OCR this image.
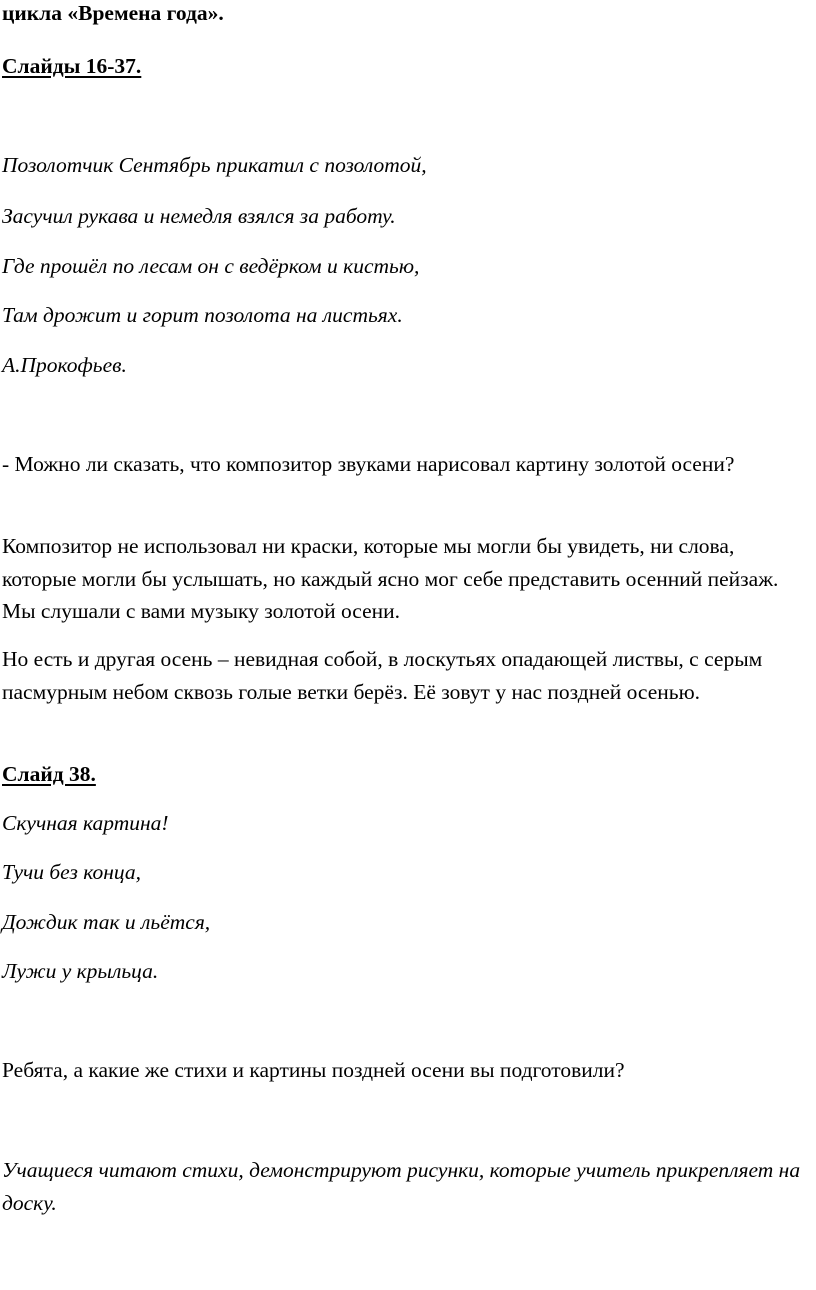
цикла «Времена года».

Слайды 16-37.

Позолотчик Сентябрь прикатил с позолотой,

Засучил рукава и немедля взялся за работу.

Где прошёл по лесам он с ведёрком и кистью,

Там дрожит и горит позолота на листьях.

А.Прокофьев.

- Можно ли сказать, что композитор звуками нарисовал картину золотой осени?

Композитор не использовал ни краски, которые мы могли бы увидеть, ни слова, которые могли бы услышать, но каждый ясно мог себе представить осенний пейзаж. Мы слушали с вами музыку золотой осени.

Но есть и другая осень – невидная собой, в лоскутьях опадающей листвы, с серым пасмурным небом сквозь голые ветки берёз. Её зовут у нас поздней осенью.

Слайд 38.

Скучная картина!

Тучи без конца,

Дождик так и льётся,

Лужи у крыльца.

Ребята, а какие же стихи и картины поздней осени вы подготовили?

Учащиеся читают стихи, демонстрируют рисунки, которые учитель прикрепляет на доску.
